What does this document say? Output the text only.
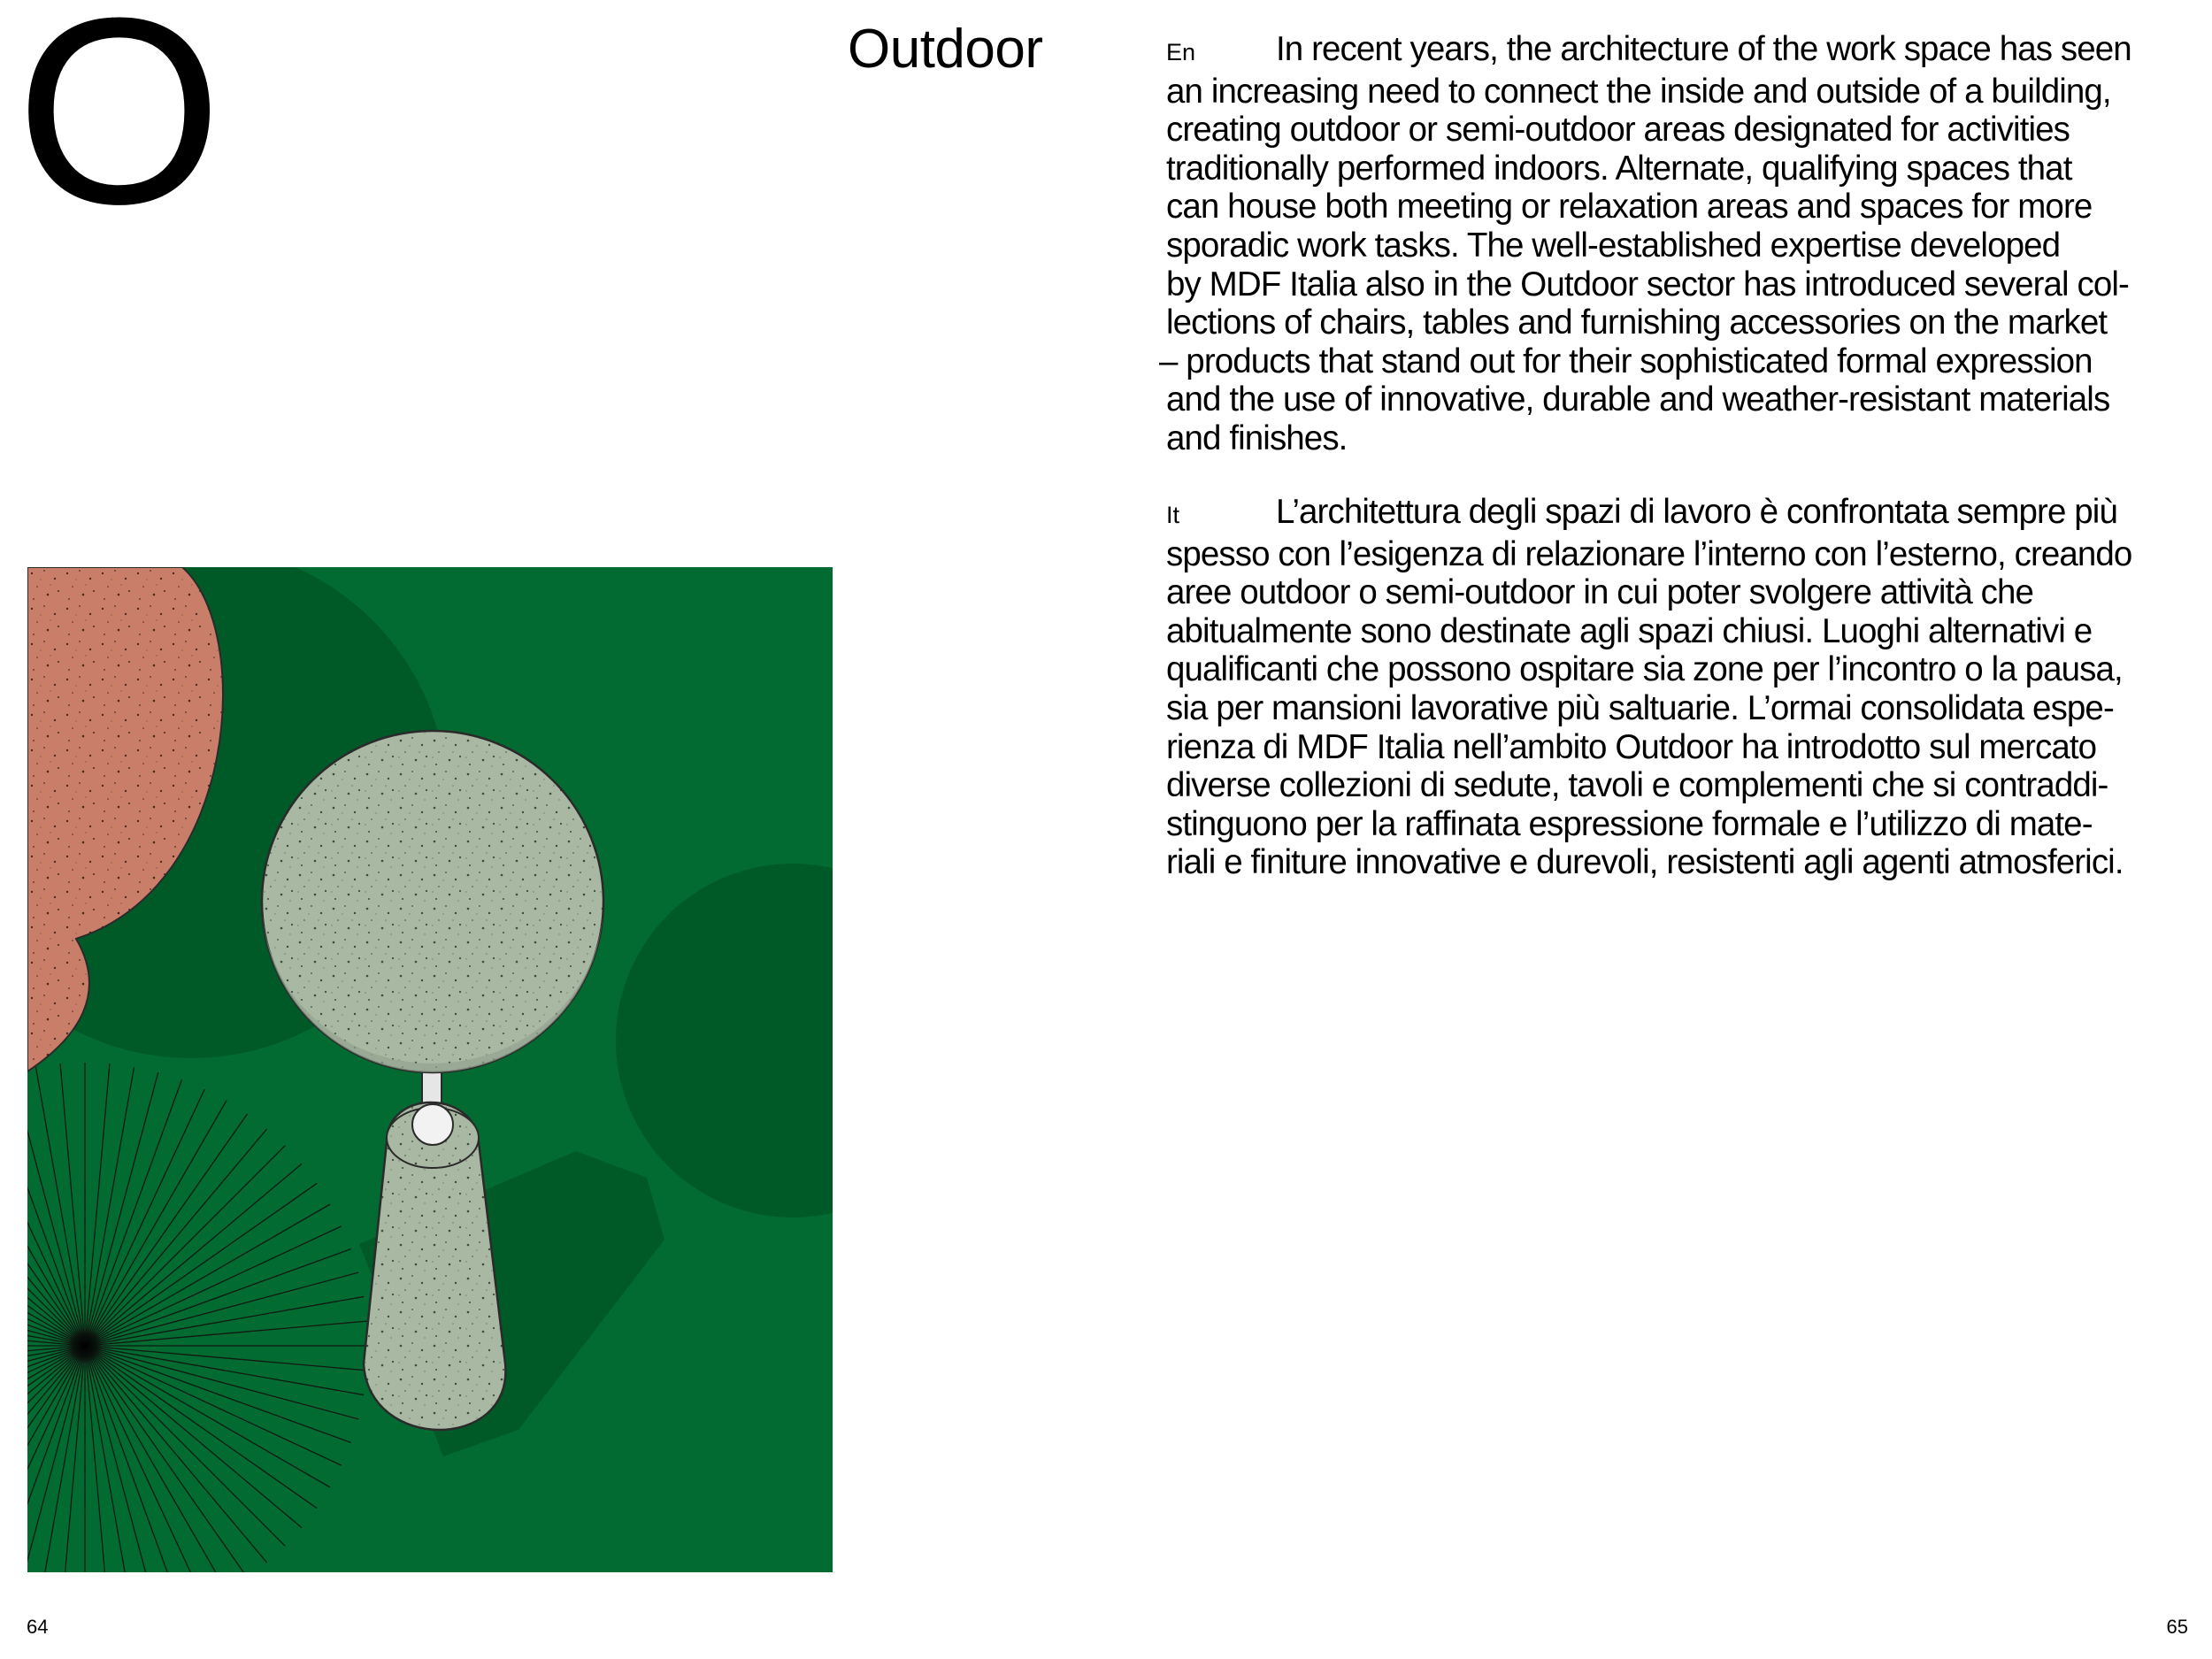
O	Outdoor	En In recent years, the architecture of the work space has seen

an increasing need to connect the inside and outside of a building,

creating outdoor or semi-outdoor areas designated for activities

traditionally performed indoors. Alternate, qualifying spaces that

can house both meeting or relaxation areas and spaces for more

sporadic work tasks. The well-established expertise developed

by MDF Italia also in the Outdoor sector has introduced several col-

lections of chairs, tables and furnishing accessories on the market

– products that stand out for their sophisticated formal expression

and the use of innovative, durable and weather-resistant materials

and finishes.

It	L’architettura degli spazi di lavoro è confrontata sempre più

spesso con l’esigenza di relazionare l’interno con l’esterno, creando

aree outdoor o semi-outdoor in cui poter svolgere attività che

abitualmente sono destinate agli spazi chiusi. Luoghi alternativi e

qualificanti che possono ospitare sia zone per l’incontro o la pausa,

sia per mansioni lavorative più saltuarie. L’ormai consolidata espe-

rienza di MDF Italia nell’ambito Outdoor ha introdotto sul mercato

diverse collezioni di sedute, tavoli e complementi che si contraddi-

stinguono per la raffinata espressione formale e l’utilizzo di mate-

riali e finiture innovative e durevoli, resistenti agli agenti atmosferici.

64	65
